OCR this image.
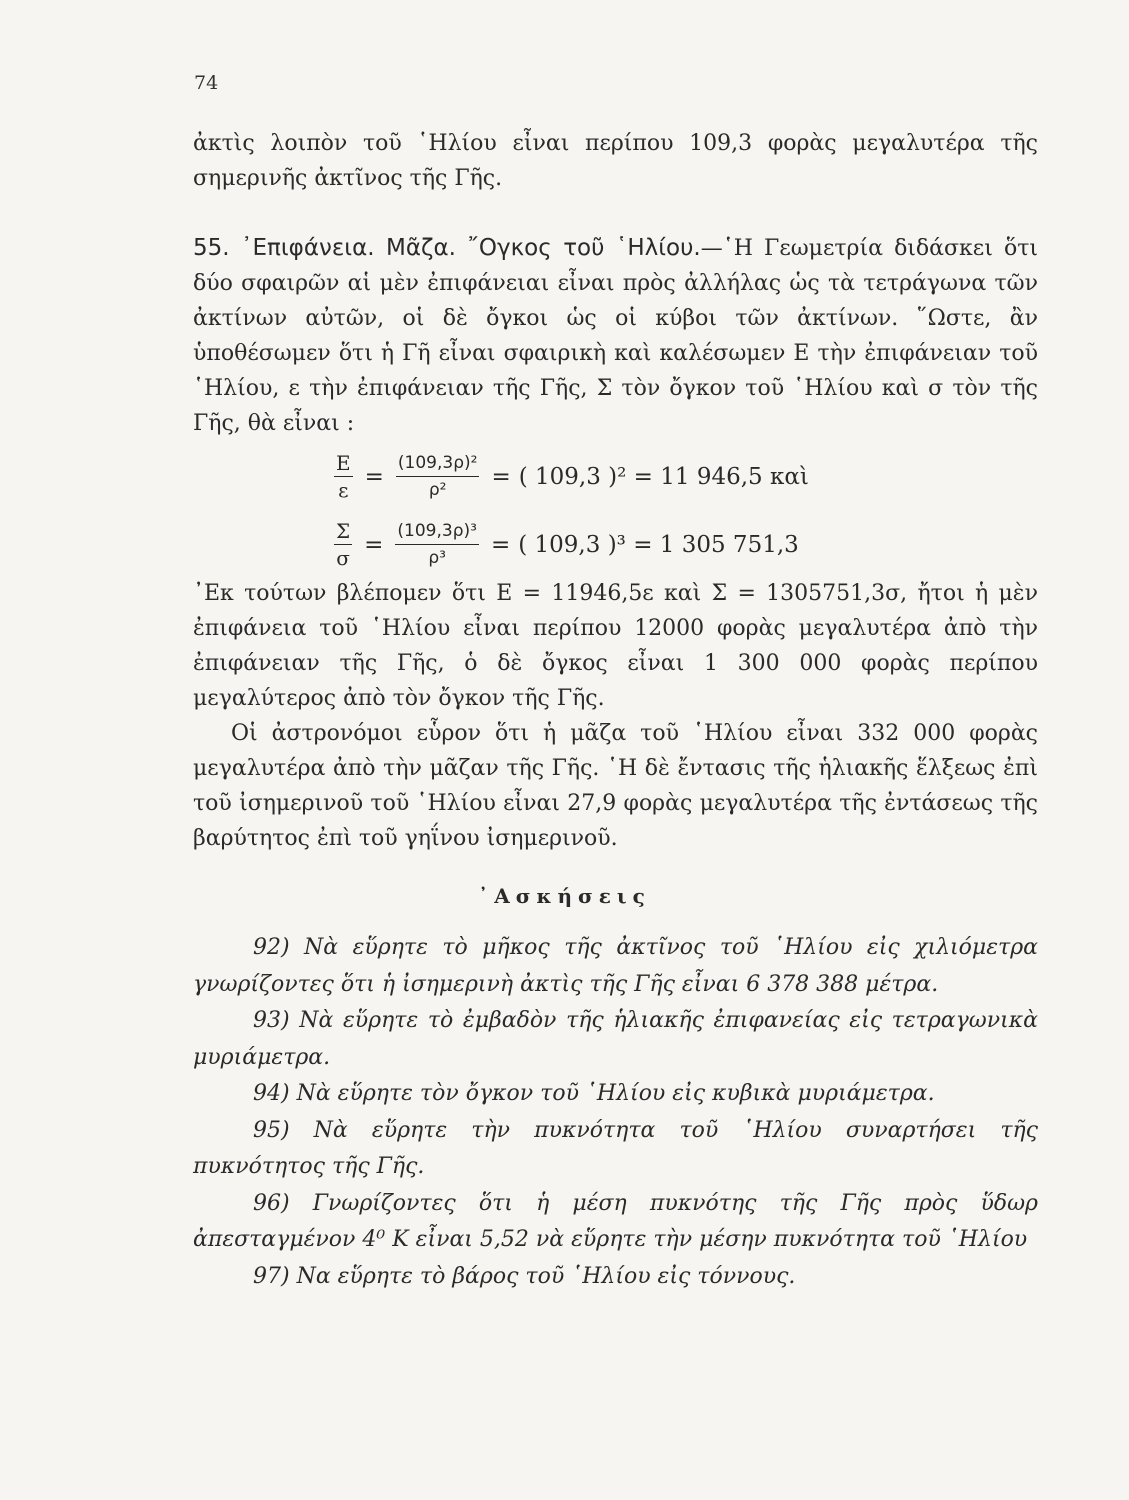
74
ἀκτὶς λοιπὸν τοῦ ῾Ηλίου εἶναι περίπου 109,3 φορὰς μεγαλυτέρα τῆς σημερινῆς ἀκτῖνος τῆς Γῆς.
55. ᾿Επιφάνεια. Μᾶζα. ῎Ογκος τοῦ ῾Ηλίου.—῾Η Γεωμετρία διδάσκει ὅτι δύο σφαιρῶν αἱ μὲν ἐπιφάνειαι εἶναι πρὸς ἀλλήλας ὡς τὰ τετράγωνα τῶν ἀκτίνων αὐτῶν, οἱ δὲ ὄγκοι ὡς οἱ κύβοι τῶν ἀκτίνων. ῞Ωστε, ἂν ὑποθέσωμεν ὅτι ἡ Γῆ εἶναι σφαιρικὴ καὶ καλέσωμεν Ε τὴν ἐπιφάνειαν τοῦ ῾Ηλίου, ε τὴν ἐπιφάνειαν τῆς Γῆς, Σ τὸν ὄγκον τοῦ ῾Ηλίου καὶ σ τὸν τῆς Γῆς, θὰ εἶναι :
$\frac{E}{\varepsilon} = \frac{\text{(109,3ρ)²}}{\text{ρ²}}$ = ( 109,3 )² = 11 946,5 καὶ
$\frac{\Sigma}{\sigma} = \frac{\text{(109,3ρ)³}}{\text{ρ³}}$ = ( 109,3 )³ = 1 305 751,3
᾿Εκ τούτων βλέπομεν ὅτι Ε = 11946,5ε καὶ Σ = 1305751,3σ, ἤτοι ἡ μὲν ἐπιφάνεια τοῦ ῾Ηλίου εἶναι περίπου 12000 φορὰς μεγαλυτέρα ἀπὸ τὴν ἐπιφάνειαν τῆς Γῆς, ὁ δὲ ὄγκος εἶναι 1 300 000 φορὰς περίπου μεγαλύτερος ἀπὸ τὸν ὄγκον τῆς Γῆς.
Οἱ ἀστρονόμοι εὗρον ὅτι ἡ μᾶζα τοῦ ῾Ηλίου εἶναι 332 000 φορὰς μεγαλυτέρα ἀπὸ τὴν μᾶζαν τῆς Γῆς. ῾Η δὲ ἔντασις τῆς ἡλιακῆς ἕλξεως ἐπὶ τοῦ ἰσημερινοῦ τοῦ ῾Ηλίου εἶναι 27,9 φορὰς μεγαλυτέρα τῆς ἐντάσεως τῆς βαρύτητος ἐπὶ τοῦ γηΐνου ἰσημερινοῦ.
᾿Ασκήσεις

92) Νὰ εὕρητε τὸ μῆκος τῆς ἀκτῖνος τοῦ ῾Ηλίου εἰς χιλιόμετρα γνωρίζοντες ὅτι ἡ ἰσημερινὴ ἀκτὶς τῆς Γῆς εἶναι 6 378 388 μέτρα.

93) Νὰ εὕρητε τὸ ἐμβαδὸν τῆς ἡλιακῆς ἐπιφανείας εἰς τετραγωνικὰ μυριάμετρα.

94) Νὰ εὕρητε τὸν ὄγκον τοῦ ῾Ηλίου εἰς κυβικὰ μυριάμετρα.

95) Νὰ εὕρητε τὴν πυκνότητα τοῦ ῾Ηλίου συναρτήσει τῆς πυκνότητος τῆς Γῆς.

96) Γνωρίζοντες ὅτι ἡ μέση πυκνότης τῆς Γῆς πρὸς ὕδωρ ἀπεσταγμένον 4⁰ Κ εἶναι 5,52 νὰ εὕρητε τὴν μέσην πυκνότητα τοῦ ῾Ηλίου

97) Να εὕρητε τὸ βάρος τοῦ ῾Ηλίου εἰς τόννους.
